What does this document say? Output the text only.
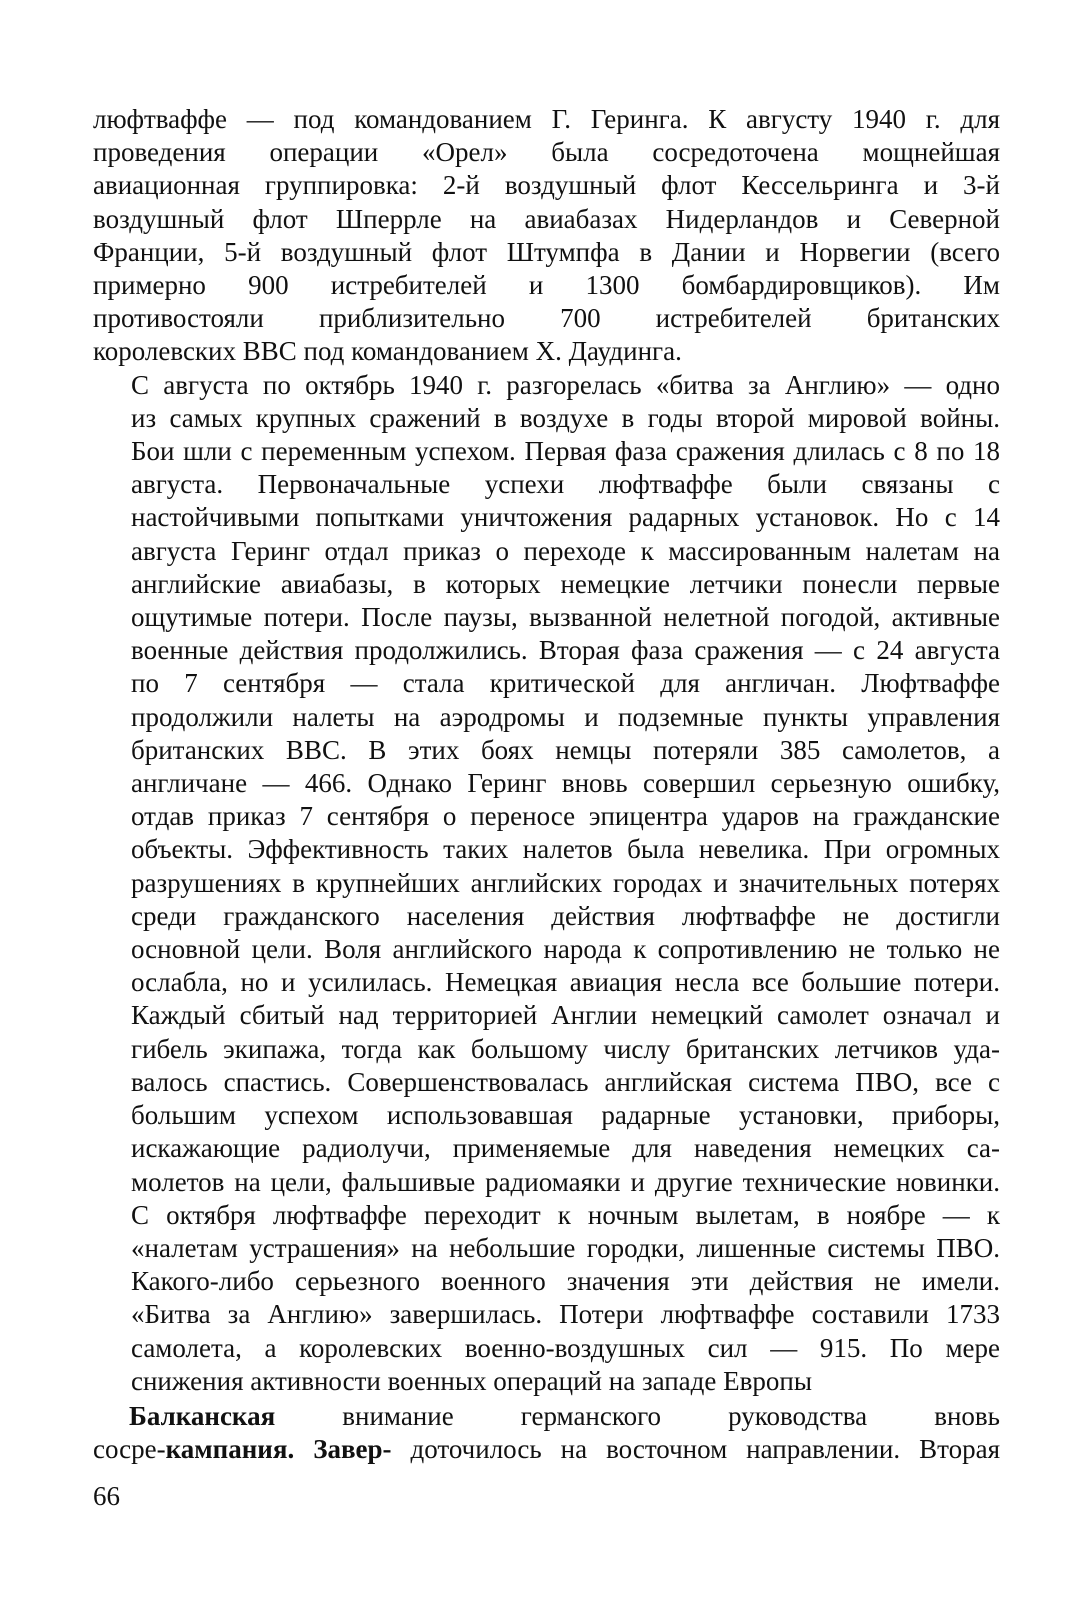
люфтваффе — под командованием Г. Геринга. К августу 1940 г. для
проведения операции «Орел» была сосредоточена мощнейшая
авиационная группировка: 2-й воздушный флот Кессельринга и 3-й
воздушный флот Шперрле на авиабазах Нидерландов и Северной
Франции, 5-й воздушный флот Штумпфа в Дании и Норвегии (всего
примерно 900 истребителей и 1300 бомбардировщиков). Им
противостояли приблизительно 700 истребителей британских
королевских ВВС под командованием X. Даудинга.
С августа по октябрь 1940 г. разгорелась «битва за Англию» — одно
из самых крупных сражений в воздухе в годы второй мировой войны.
Бои шли с переменным успехом. Первая фаза сражения длилась с 8 по 18
августа. Первоначальные успехи люфтваффе были связаны с
настойчивыми попытками уничтожения радарных установок. Но с 14
августа Геринг отдал приказ о переходе к массированным налетам на
английские авиабазы, в которых немецкие летчики понесли первые
ощутимые потери. После паузы, вызванной нелетной погодой, активные
военные действия продолжились. Вторая фаза сражения — с 24 августа
по 7 сентября — стала критической для англичан. Люфтваффе
продолжили налеты на аэродромы и подземные пункты управления
британских ВВС. В этих боях немцы потеряли 385 самолетов, а
англичане — 466. Однако Геринг вновь совершил серьезную ошибку,
отдав приказ 7 сентября о переносе эпицентра ударов на гражданские
объекты. Эффективность таких налетов была невелика. При огромных
разрушениях в крупнейших английских городах и значительных потерях
среди гражданского населения действия люфтваффе не достигли
основной цели. Воля английского народа к сопротивлению не только не
ослабла, но и усилилась. Немецкая авиация несла все большие потери.
Каждый сбитый над территорией Англии немецкий самолет означал и
гибель экипажа, тогда как большому числу британских летчиков уда-
валось спастись. Совершенствовалась английская система ПВО, все с
большим успехом использовавшая радарные установки, приборы,
искажающие радиолучи, применяемые для наведения немецких са-
молетов на цели, фальшивые радиомаяки и другие технические новинки.
С октября люфтваффе переходит к ночным вылетам, в ноябре — к
«налетам устрашения» на небольшие городки, лишенные системы ПВО.
Какого-либо серьезного военного значения эти действия не имели.
«Битва за Англию» завершилась. Потери люфтваффе составили 1733
самолета, а королевских военно-воздушных сил — 915. По мере
снижения активности военных операций на западе Европы
Балканская внимание германского руководства вновь
сосре-кампания. Завер- доточилось на восточном направлении. Вторая
66
